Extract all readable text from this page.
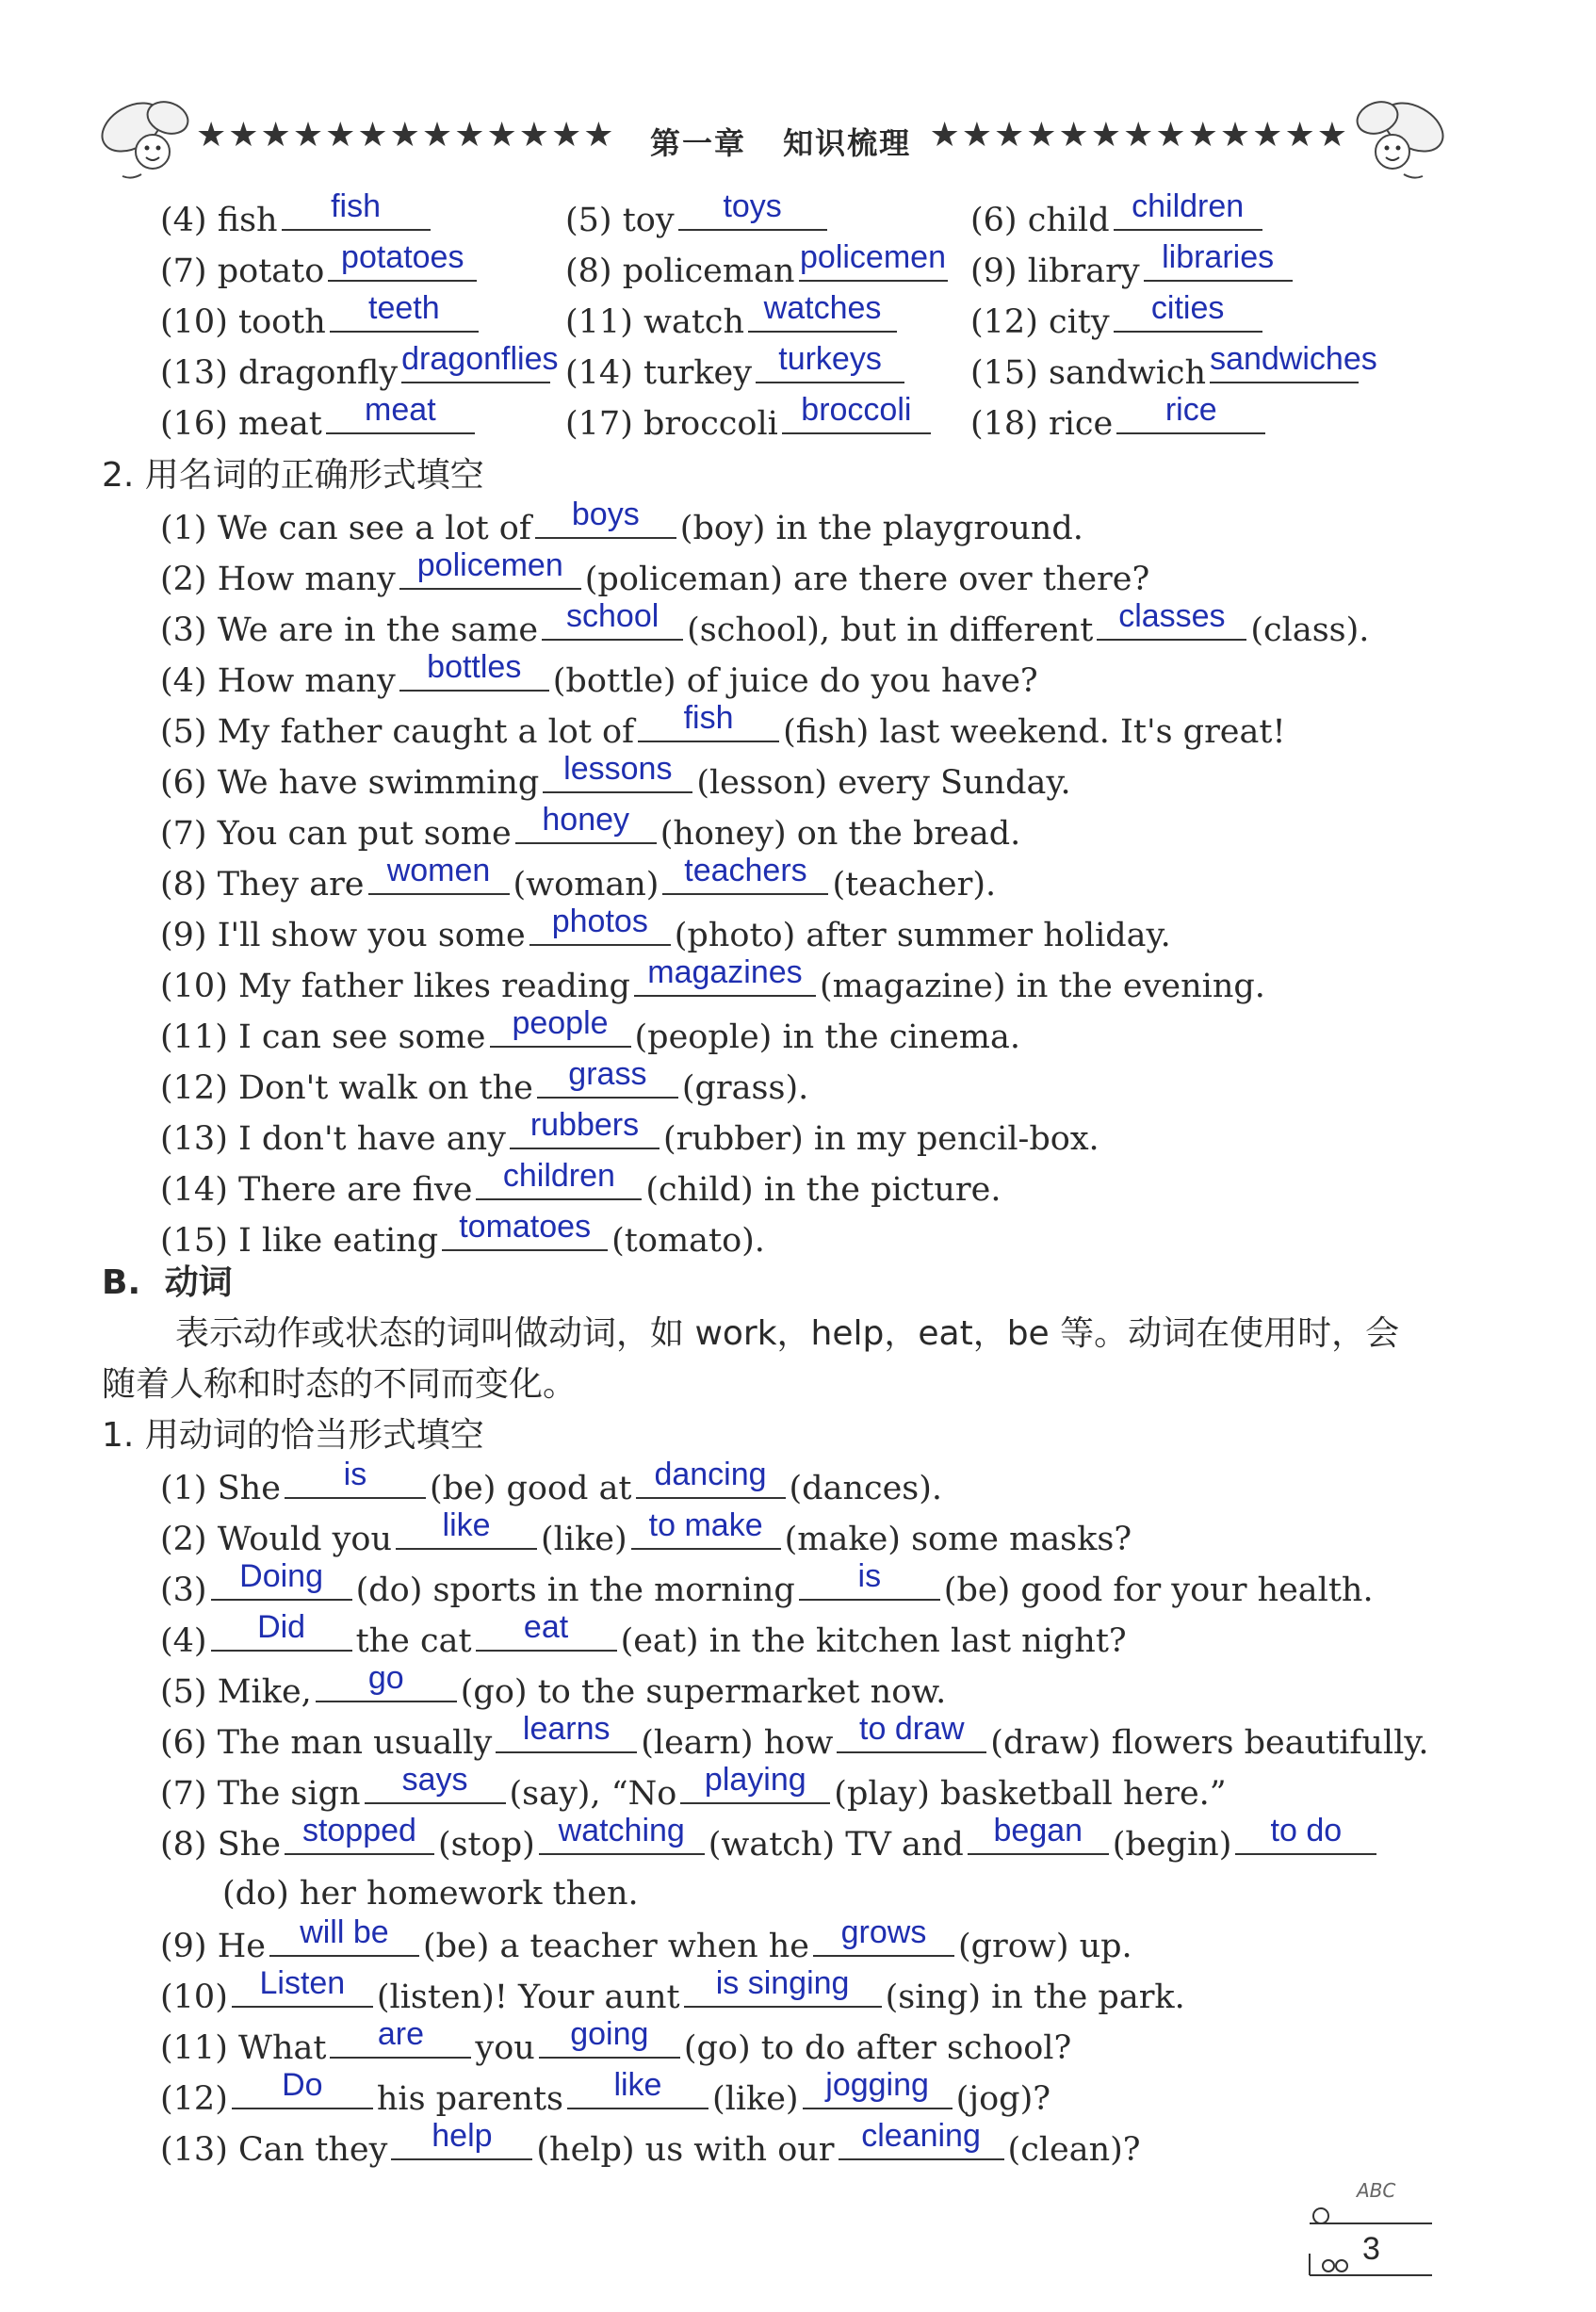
★★★★★★★★★★★★★ 第一章 知识梳理 ★★★★★★★★★★★★★
(4) fish	fish	(5) toy	toys	(6) child children
(7) potato potatoes	(8) policeman policemen (9) library libraries
(10) tooth	teeth	(11) watch watches	(12) city	cities
(13) dragonfly dragonflies (14) turkey turkeys	(15) sandwich sandwiches
(16) meat	meat	(17) broccoli broccoli	(18) rice	rice
2. 用名词的正确形式填空
(1) We can see a lot of	boys	(boy) in the playground.
(2) How many policemen (policeman) are there over there?
(3) We are in the same school (school), but in different classes (class).
(4) How many bottles (bottle) of juice do you have?
(5) My father caught a lot of	fish	(fish) last weekend. It's great!
(6) We have swimming lessons (lesson) every Sunday.
(7) You can put some honey (honey) on the bread.
(8) They are women (woman) teachers (teacher).
(9) I'll show you some photos (photo) after summer holiday.
(10) My father likes reading magazines (magazine) in the evening.
(11) I can see some people (people) in the cinema.
(12) Don't walk on the	grass	(grass).
(13) I don't have any rubbers (rubber) in my pencil-box.
(14) There are five children (child) in the picture.
(15) I like eating tomatoes (tomato).
B. 动词
表示动作或状态的词叫做动词，如 work，help，eat，be 等。动词在使用时，会
随着人称和时态的不同而变化。
1. 用动词的恰当形式填空
(1) She	is	(be) good at dancing (dances).
(2) Would you	like	(like) to make (make) some masks?
(3)	Doing (do) sports in the morning	is	(be) good for your health.
(4)	Did	the cat	eat	(eat) in the kitchen last night?
(5) Mike,	go	(go) to the supermarket now.
(6) The man usually learns (learn) how to draw (draw) flowers beautifully.
(7) The sign	says	(say), “No playing (play) basketball here.”
(8) She stopped (stop) watching (watch) TV and began (begin)	to do
(do) her homework then.
(9) He	will be	(be) a teacher when he grows (grow) up.
(10) Listen (listen)! Your aunt	is singing	(sing) in the park.
(11) What	are	you	going	(go) to do after school?
(12)	Do	his parents	like	(like) jogging (jog)?
(13) Can they	help	(help) us with our cleaning (clean)?
ABC
3
